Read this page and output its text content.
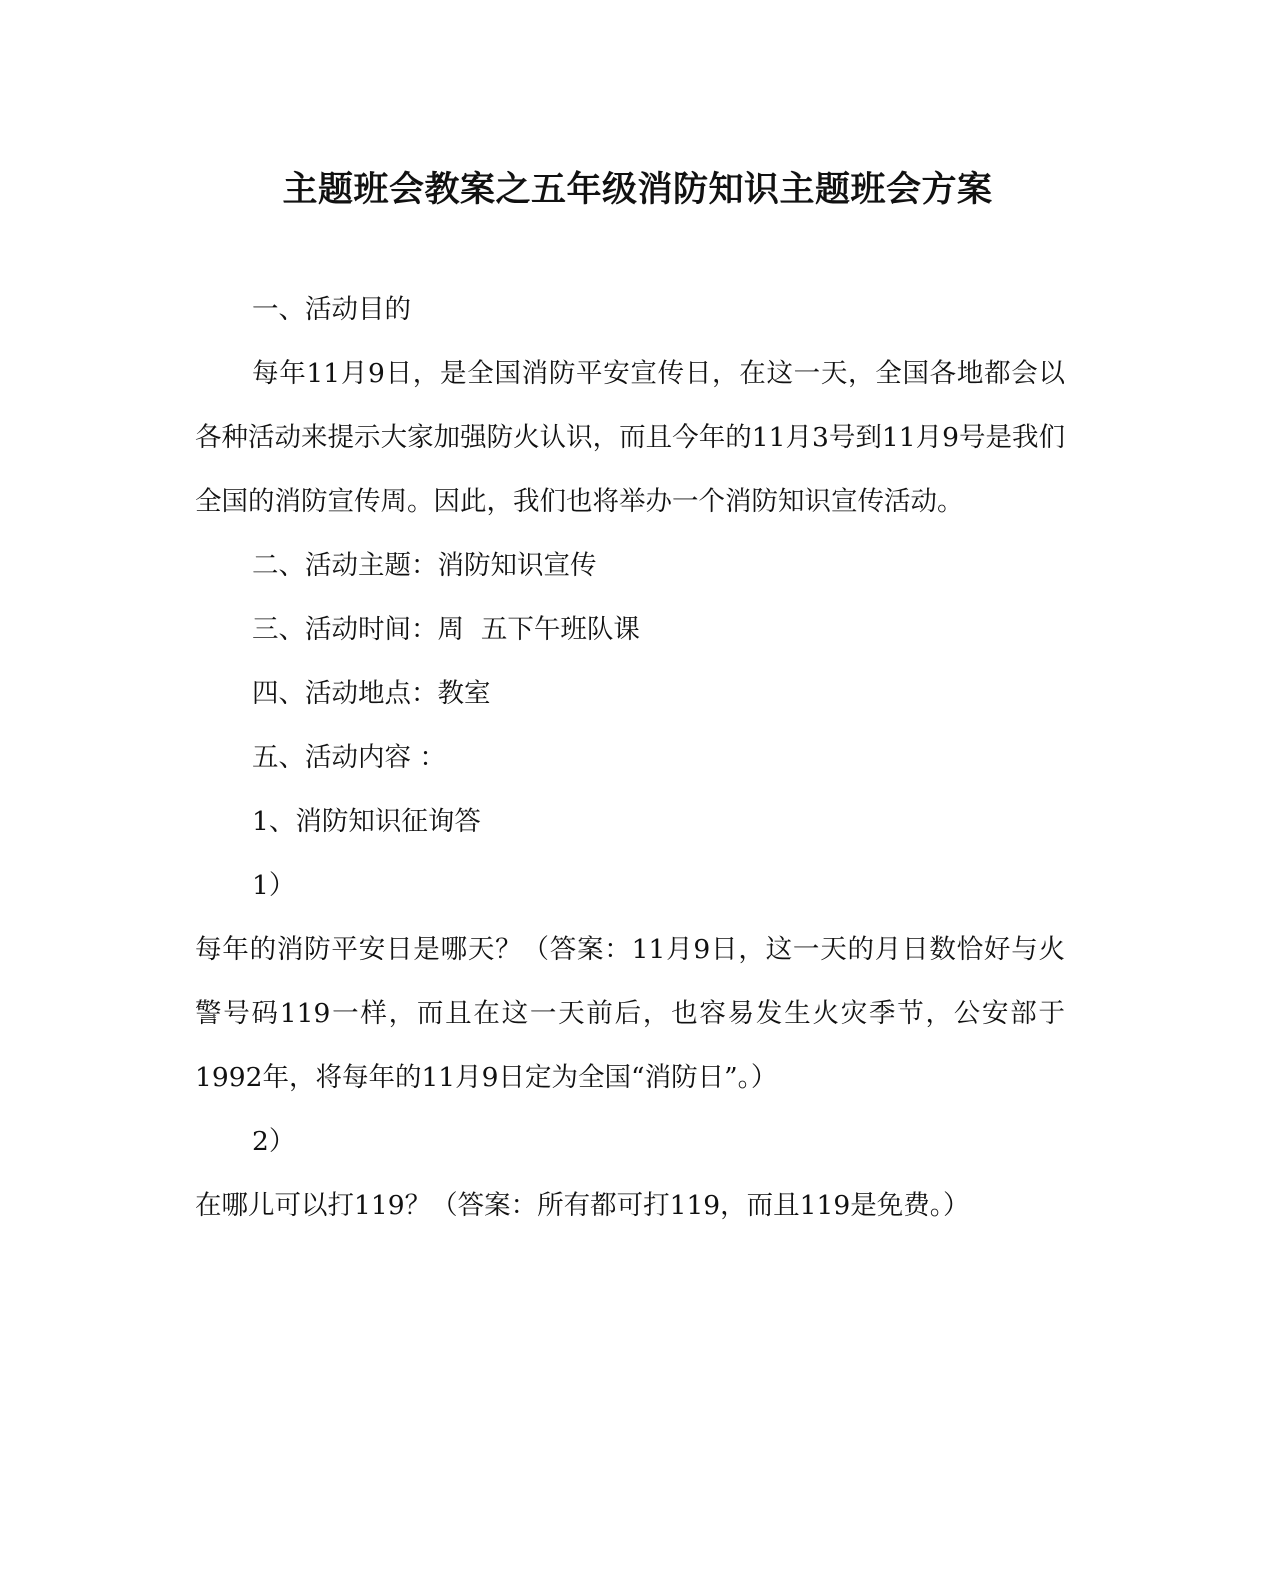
主题班会教案之五年级消防知识主题班会方案

一、活动目的

每年11月9日，是全国消防平安宣传日，在这一天，全国各地都会以各种活动来提示大家加强防火认识，而且今年的11月3号到11月9号是我们全国的消防宣传周。因此，我们也将举办一个消防知识宣传活动。

二、活动主题：消防知识宣传

三、活动时间：周  五下午班队课

四、活动地点：教室

五、活动内容 ：

1、消防知识征询答

1）

每年的消防平安日是哪天？（答案：11月9日，这一天的月日数恰好与火警号码119一样，而且在这一天前后，也容易发生火灾季节，公安部于1992年，将每年的11月9日定为全国“消防日”。）

2）

在哪儿可以打119？（答案：所有都可打119，而且119是免费。）
